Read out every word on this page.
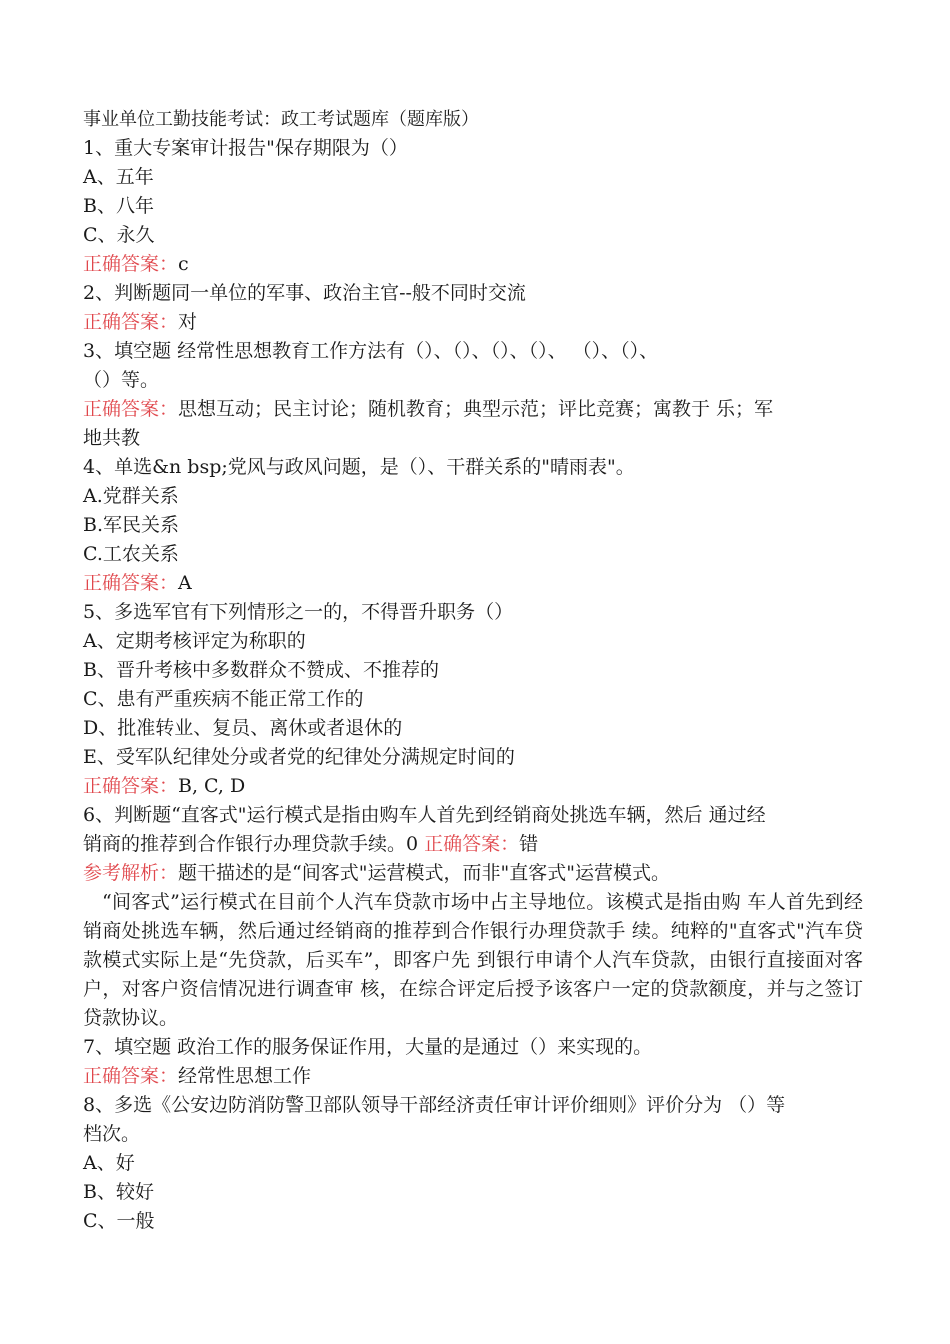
事业单位工勤技能考试：政工考试题库（题库版）

1、重大专案审计报告"保存期限为（）

A、五年

B、八年

C、永久

正确答案：c

2、判断题同一单位的军事、政治主官--般不同时交流

正确答案：对

3、填空题 经常性思想教育工作方法有（）、（）、（）、（）、 （）、（）、

（）等。

正确答案：思想互动；民主讨论；随机教育；典型示范；评比竞赛；寓教于 乐；军

地共教

4、单选&n bsp;党风与政风问题，是（）、干群关系的"晴雨表"。

A.党群关系

B.军民关系

C.工农关系

正确答案：A

5、多选军官有下列情形之一的，不得晋升职务（）

A、定期考核评定为称职的

B、晋升考核中多数群众不赞成、不推荐的

C、患有严重疾病不能正常工作的

D、批准转业、复员、离休或者退休的

E、受军队纪律处分或者党的纪律处分满规定时间的

正确答案：B, C, D

6、判断题“直客式"运行模式是指由购车人首先到经销商处挑选车辆，然后 通过经

销商的推荐到合作银行办理贷款手续。0 正确答案：错

参考解析：题干描述的是“间客式"运营模式，而非"直客式"运营模式。

“间客式”运行模式在目前个人汽车贷款市场中占主导地位。该模式是指由购 车人首先到经销商处挑选车辆，然后通过经销商的推荐到合作银行办理贷款手 续。纯粹的"直客式"汽车贷款模式实际上是“先贷款，后买车”，即客户先 到银行申请个人汽车贷款，由银行直接面对客户，对客户资信情况进行调查审 核，在综合评定后授予该客户一定的贷款额度，并与之签订贷款协议。

7、填空题 政治工作的服务保证作用，大量的是通过（）来实现的。

正确答案：经常性思想工作

8、多选《公安边防消防警卫部队领导干部经济责任审计评价细则》评价分为 （）等

档次。

A、好

B、较好

C、一般
